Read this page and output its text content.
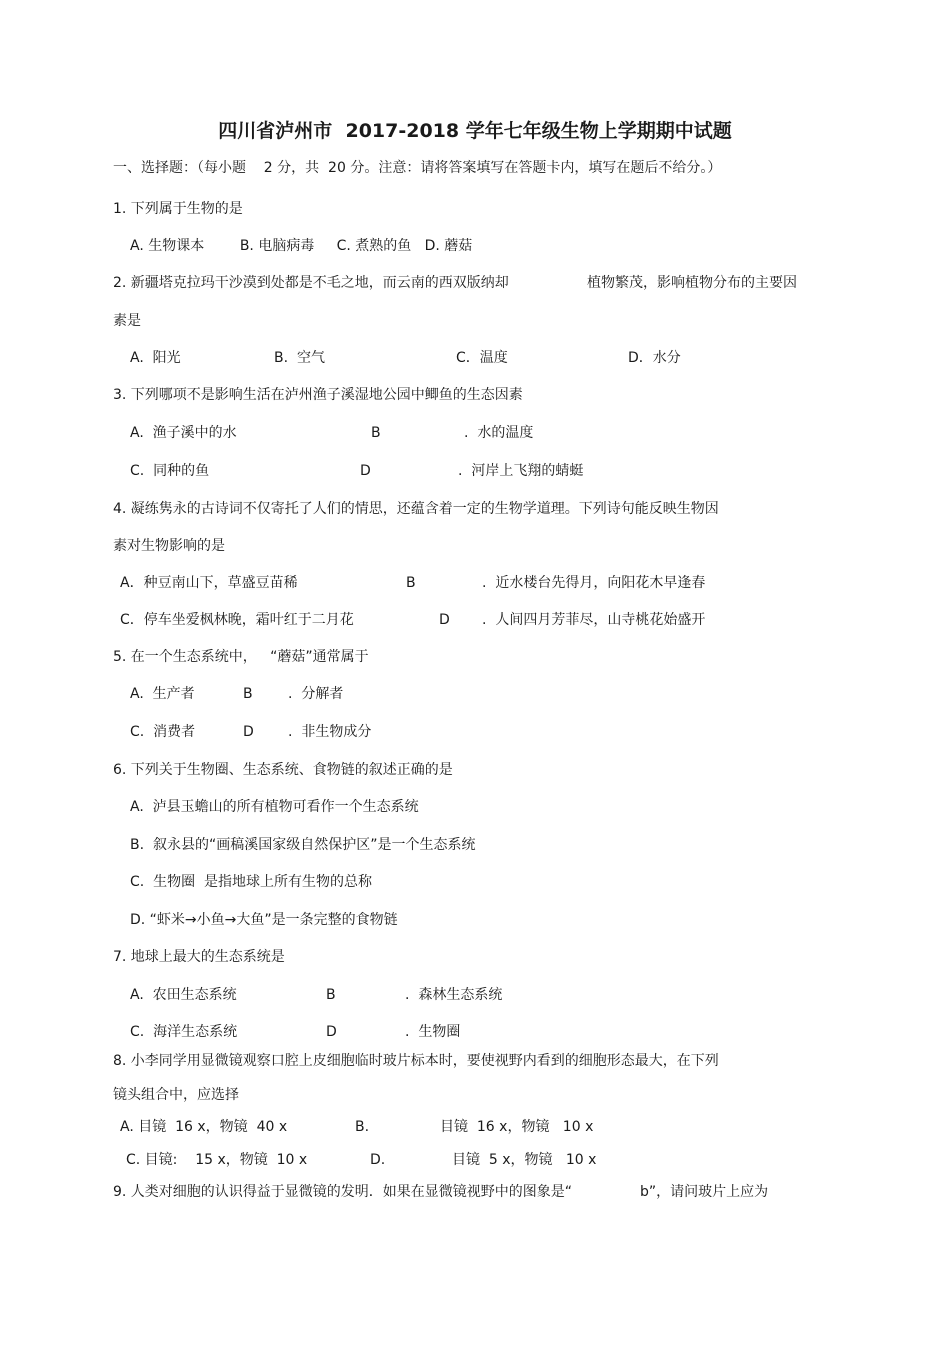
四川省泸州市  2017-2018 学年七年级生物上学期期中试题
一、选择题：（每小题    2 分，共  20 分。注意：请将答案填写在答题卡内，填写在题后不给分。）
1. 下列属于生物的是
A. 生物课本        B. 电脑病毒     C. 煮熟的鱼   D. 蘑菇
2. 新疆塔克拉玛干沙漠到处都是不毛之地，而云南的西双版纳却	植物繁茂，影响植物分布的主要因
素是
A.  阳光	B.  空气	C．温度	D．水分
3. 下列哪项不是影响生活在泸州渔子溪湿地公园中鲫鱼的生态因素
A.  渔子溪中的水	B	.  水的温度
C.  同种的鱼	D	.  河岸上飞翔的蜻蜓
4. 凝练隽永的古诗词不仅寄托了人们的情思，还蕴含着一定的生物学道理。下列诗句能反映生物因
素对生物影响的是
A．种豆南山下，草盛豆苗稀	B	.  近水楼台先得月，向阳花木早逢春
C．停车坐爱枫林晚，霜叶红于二月花	D .  人间四月芳菲尽，山寺桃花始盛开
5. 在一个生态系统中，   “蘑菇”通常属于
A.  生产者	B	.  分解者
C.  消费者	D .  非生物成分
6. 下列关于生物圈、生态系统、食物链的叙述正确的是
A.  泸县玉蟾山的所有植物可看作一个生态系统
B.  叙永县的“画稿溪国家级自然保护区”是一个生态系统
C.  生物圈  是指地球上所有生物的总称
D. “虾米→小鱼→大鱼”是一条完整的食物链
7. 地球上最大的生态系统是
A.  农田生态系统	B	.  森林生态系统
C.  海洋生态系统	D	.  生物圈
8. 小李同学用显微镜观察口腔上皮细胞临时玻片标本时，要使视野内看到的细胞形态最大，在下列
镜头组合中，应选择
A. 目镜  16 x，物镜  40 x	B.	目镜  16 x，物镜   10 x
C. 目镜:    15 x，物镜  10 x	D.	目镜  5 x，物镜   10 x
9. 人类对细胞的认识得益于显微镜的发明．如果在显微镜视野中的图象是“	b”，请问玻片上应为
